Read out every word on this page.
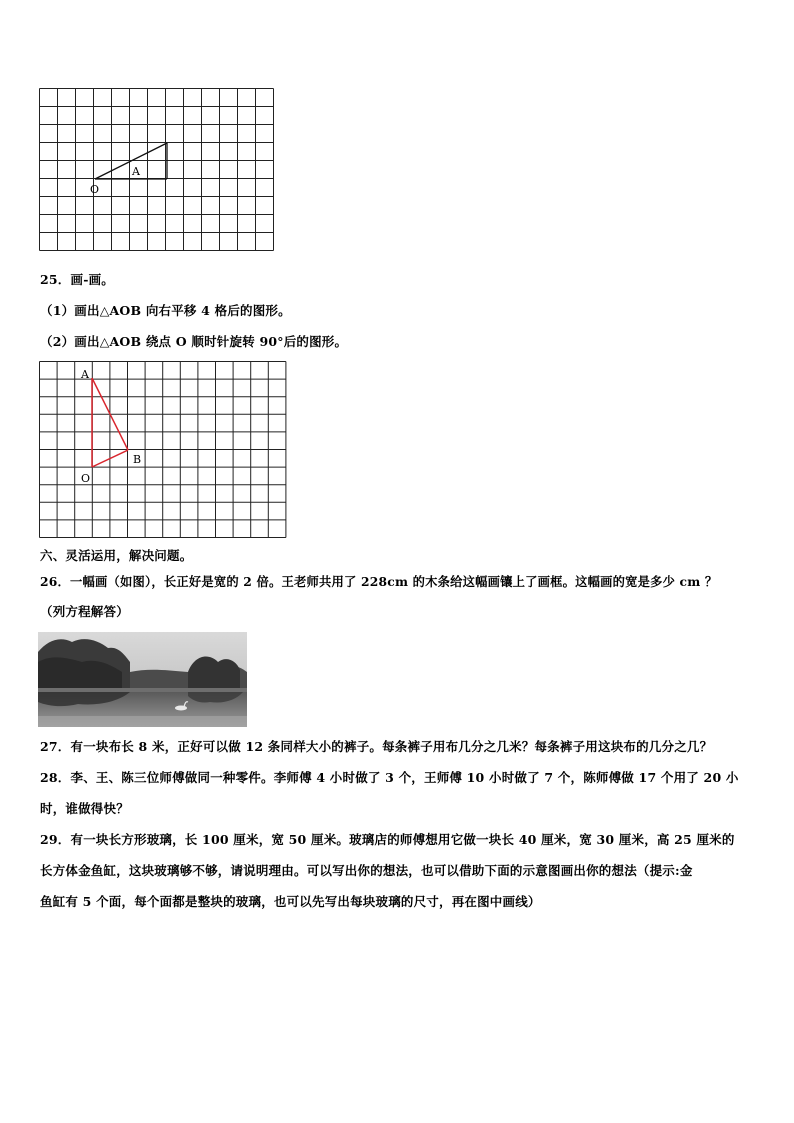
A
O
25．画-画。
（1）画出△AOB 向右平移 4 格后的图形。
（2）画出△AOB 绕点 O 顺时针旋转 90°后的图形。
A
B
O
六、灵活运用，解决问题。
26．一幅画（如图），长正好是宽的 2 倍。王老师共用了 228cm 的木条给这幅画镶上了画框。这幅画的宽是多少 cm ？
（列方程解答）
27．有一块布长 8 米，正好可以做 12 条同样大小的裤子。每条裤子用布几分之几米？每条裤子用这块布的几分之几？
28．李、王、陈三位师傅做同一种零件。李师傅 4 小时做了 3 个，王师傅 10 小时做了 7 个，陈师傅做 17 个用了 20 小
时，谁做得快？
29．有一块长方形玻璃，长 100 厘米，宽 50 厘米。玻璃店的师傅想用它做一块长 40 厘米，宽 30 厘米，高 25 厘米的
长方体金鱼缸，这块玻璃够不够，请说明理由。可以写出你的想法，也可以借助下面的示意图画出你的想法（提示:金
鱼缸有 5 个面，每个面都是整块的玻璃，也可以先写出每块玻璃的尺寸，再在图中画线）
